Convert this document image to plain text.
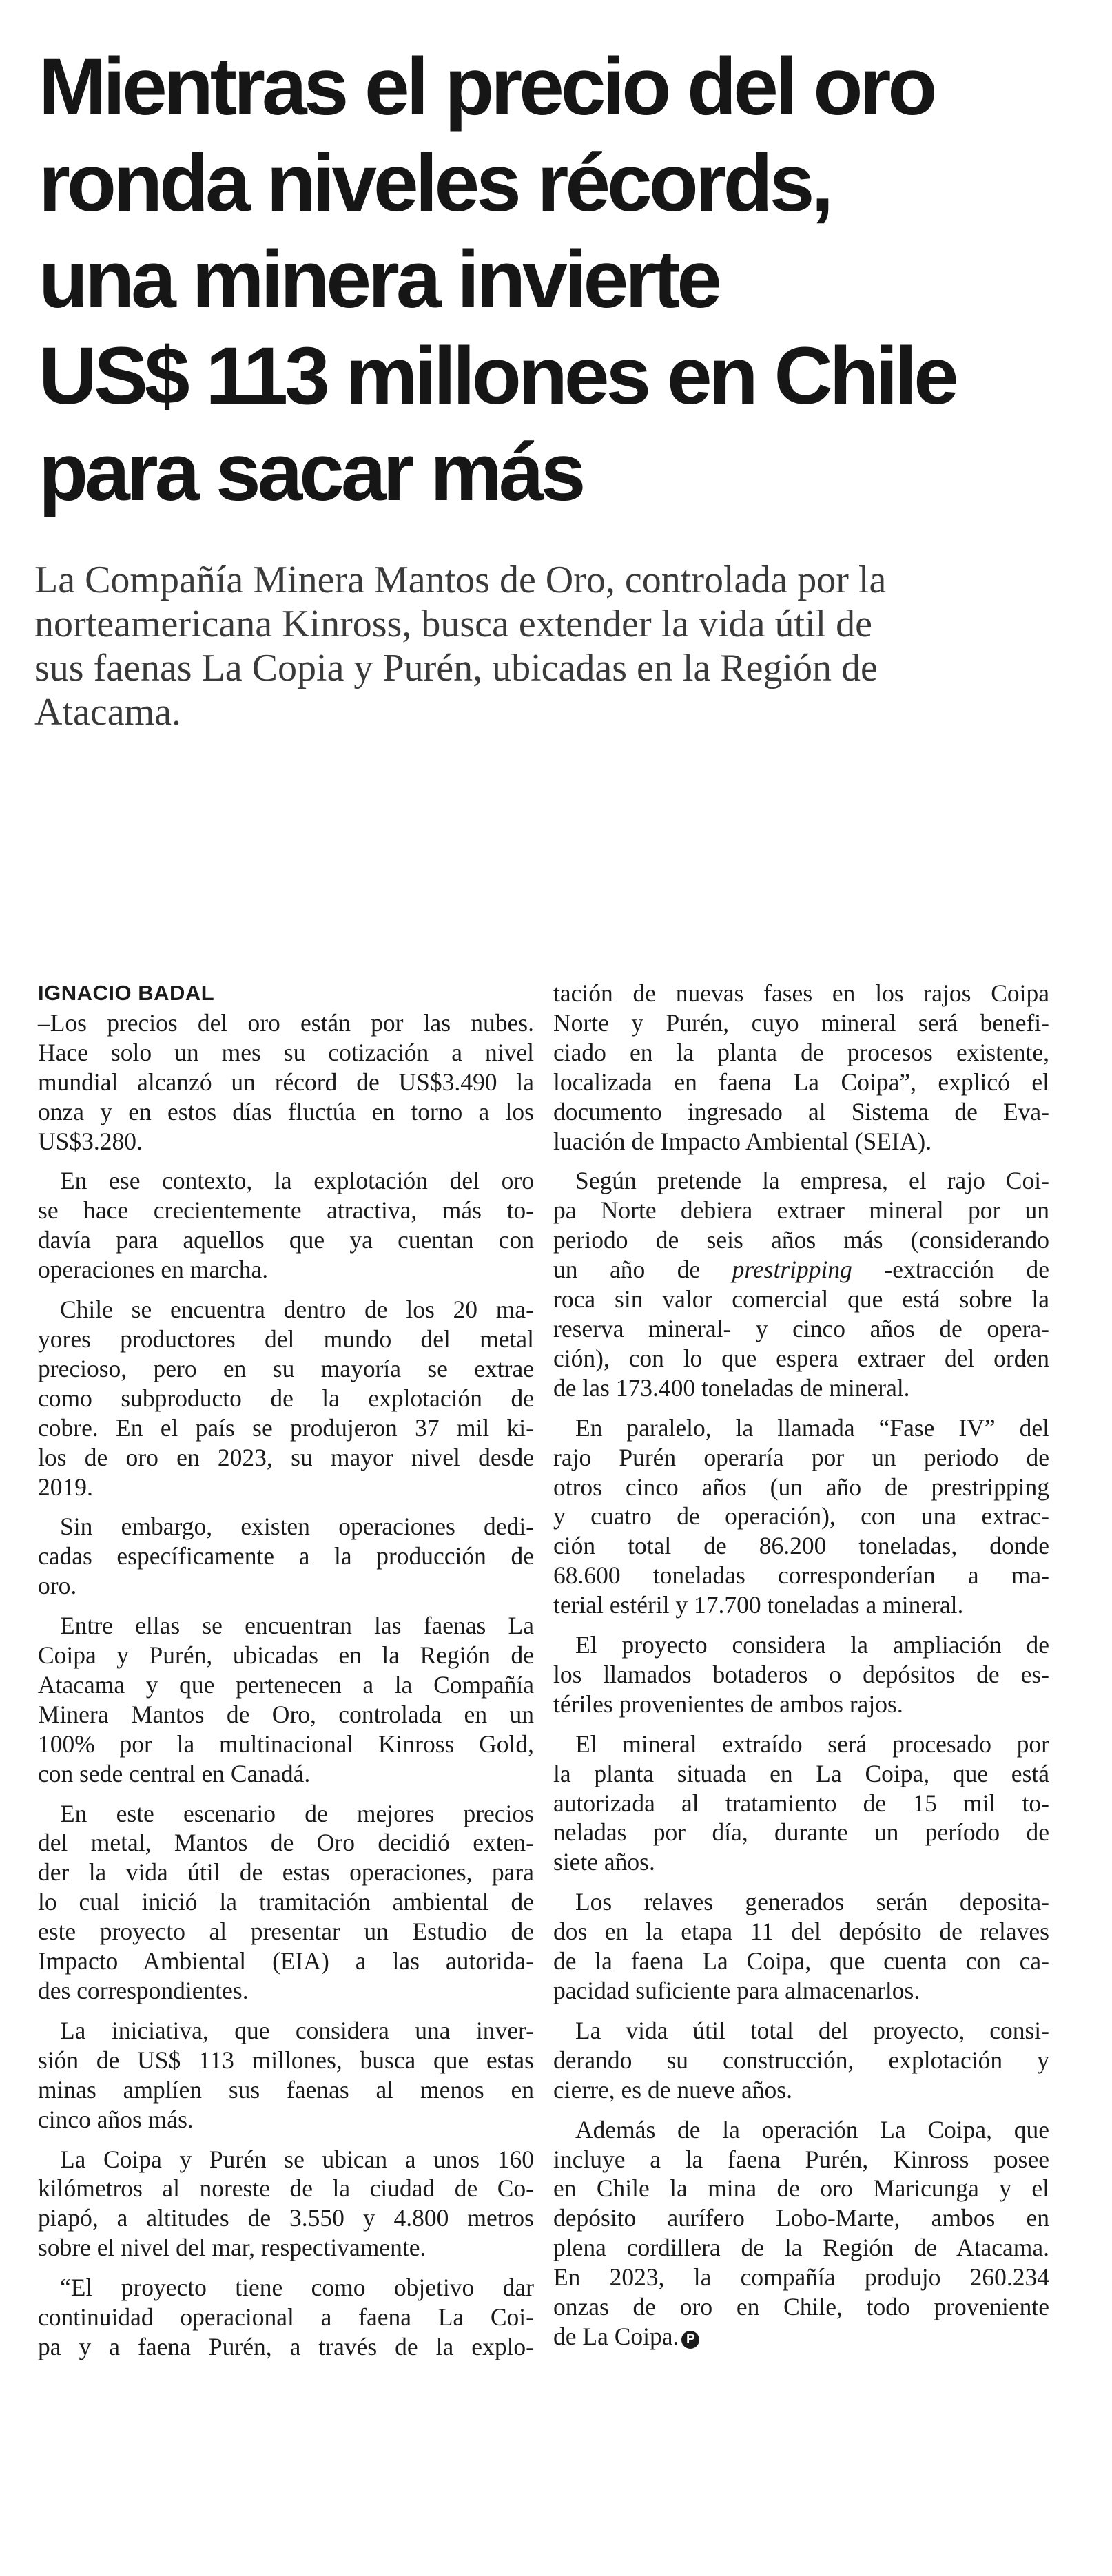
Mientras el precio del oro
ronda niveles récords,
una minera invierte
US$ 113 millones en Chile
para sacar más

La Compañía Minera Mantos de Oro, controlada por la
norteamericana Kinross, busca extender la vida útil de
sus faenas La Copia y Purén, ubicadas en la Región de
Atacama.

IGNACIO BADAL

–Los precios del oro están por las nubes.
Hace solo un mes su cotización a nivel
mundial alcanzó un récord de US$3.490 la
onza y en estos días fluctúa en torno a los
US$3.280.

En ese contexto, la explotación del oro
se hace crecientemente atractiva, más to-
davía para aquellos que ya cuentan con
operaciones en marcha.

Chile se encuentra dentro de los 20 ma-
yores productores del mundo del metal
precioso, pero en su mayoría se extrae
como subproducto de la explotación de
cobre. En el país se produjeron 37 mil ki-
los de oro en 2023, su mayor nivel desde
2019.

Sin embargo, existen operaciones dedi-
cadas específicamente a la producción de
oro.

Entre ellas se encuentran las faenas La
Coipa y Purén, ubicadas en la Región de
Atacama y que pertenecen a la Compañía
Minera Mantos de Oro, controlada en un
100% por la multinacional Kinross Gold,
con sede central en Canadá.

En este escenario de mejores precios
del metal, Mantos de Oro decidió exten-
der la vida útil de estas operaciones, para
lo cual inició la tramitación ambiental de
este proyecto al presentar un Estudio de
Impacto Ambiental (EIA) a las autorida-
des correspondientes.

La iniciativa, que considera una inver-
sión de US$ 113 millones, busca que estas
minas amplíen sus faenas al menos en
cinco años más.

La Coipa y Purén se ubican a unos 160
kilómetros al noreste de la ciudad de Co-
piapó, a altitudes de 3.550 y 4.800 metros
sobre el nivel del mar, respectivamente.

“El proyecto tiene como objetivo dar
continuidad operacional a faena La Coi-
pa y a faena Purén, a través de la explo-

tación de nuevas fases en los rajos Coipa
Norte y Purén, cuyo mineral será benefi-
ciado en la planta de procesos existente,
localizada en faena La Coipa”, explicó el
documento ingresado al Sistema de Eva-
luación de Impacto Ambiental (SEIA).

Según pretende la empresa, el rajo Coi-
pa Norte debiera extraer mineral por un
periodo de seis años más (considerando
un año de prestripping -extracción de
roca sin valor comercial que está sobre la
reserva mineral- y cinco años de opera-
ción), con lo que espera extraer del orden
de las 173.400 toneladas de mineral.

En paralelo, la llamada “Fase IV” del
rajo Purén operaría por un periodo de
otros cinco años (un año de prestripping
y cuatro de operación), con una extrac-
ción total de 86.200 toneladas, donde
68.600 toneladas corresponderían a ma-
terial estéril y 17.700 toneladas a mineral.

El proyecto considera la ampliación de
los llamados botaderos o depósitos de es-
tériles provenientes de ambos rajos.

El mineral extraído será procesado por
la planta situada en La Coipa, que está
autorizada al tratamiento de 15 mil to-
neladas por día, durante un período de
siete años.

Los relaves generados serán deposita-
dos en la etapa 11 del depósito de relaves
de la faena La Coipa, que cuenta con ca-
pacidad suficiente para almacenarlos.

La vida útil total del proyecto, consi-
derando su construcción, explotación y
cierre, es de nueve años.

Además de la operación La Coipa, que
incluye a la faena Purén, Kinross posee
en Chile la mina de oro Maricunga y el
depósito aurífero Lobo-Marte, ambos en
plena cordillera de la Región de Atacama.
En 2023, la compañía produjo 260.234
onzas de oro en Chile, todo proveniente
de La Coipa. P
